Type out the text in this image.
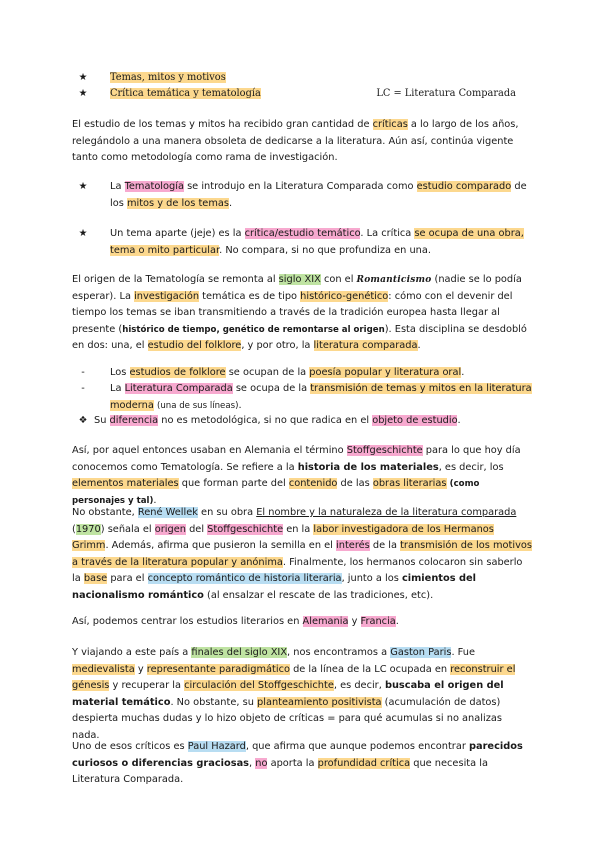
★	Temas, mitos y motivos
★	Crítica temática y tematología	LC = Literatura Comparada
El estudio de los temas y mitos ha recibido gran cantidad de críticas a lo largo de los años, relegándolo a una manera obsoleta de dedicarse a la literatura. Aún así, continúa vigente tanto como metodología como rama de investigación.
★	La Tematología se introdujo en la Literatura Comparada como estudio comparado de los mitos y de los temas.
★	Un tema aparte (jeje) es la crítica/estudio temático. La crítica se ocupa de una obra, tema o mito particular. No compara, si no que profundiza en una.
El origen de la Tematología se remonta al siglo XIX con el Romanticismo (nadie se lo podía esperar). La investigación temática es de tipo histórico-genético: cómo con el devenir del tiempo los temas se iban transmitiendo a través de la tradición europea hasta llegar al presente (histórico de tiempo, genético de remontarse al origen). Esta disciplina se desdobló en dos: una, el estudio del folklore, y por otro, la literatura comparada.
-	Los estudios de folklore se ocupan de la poesía popular y literatura oral.
-	La Literatura Comparada se ocupa de la transmisión de temas y mitos en la literatura moderna (una de sus líneas).
❖ Su diferencia no es metodológica, si no que radica en el objeto de estudio.
Así, por aquel entonces usaban en Alemania el término Stoffgeschichte para lo que hoy día conocemos como Tematología. Se refiere a la historia de los materiales, es decir, los elementos materiales que forman parte del contenido de las obras literarias (como personajes y tal).
No obstante, René Wellek en su obra El nombre y la naturaleza de la literatura comparada (1970) señala el origen del Stoffgeschichte en la labor investigadora de los Hermanos Grimm. Además, afirma que pusieron la semilla en el interés de la transmisión de los motivos a través de la literatura popular y anónima. Finalmente, los hermanos colocaron sin saberlo la base para el concepto romántico de historia literaria, junto a los cimientos del nacionalismo romántico (al ensalzar el rescate de las tradiciones, etc).
Así, podemos centrar los estudios literarios en Alemania y Francia.
Y viajando a este país a finales del siglo XIX, nos encontramos a Gaston Paris. Fue medievalista y representante paradigmático de la línea de la LC ocupada en reconstruir el génesis y recuperar la circulación del Stoffgeschichte, es decir, buscaba el origen del material temático. No obstante, su planteamiento positivista (acumulación de datos) despierta muchas dudas y lo hizo objeto de críticas = para qué acumulas si no analizas nada.
Uno de esos críticos es Paul Hazard, que afirma que aunque podemos encontrar parecidos curiosos o diferencias graciosas, no aporta la profundidad crítica que necesita la Literatura Comparada.
